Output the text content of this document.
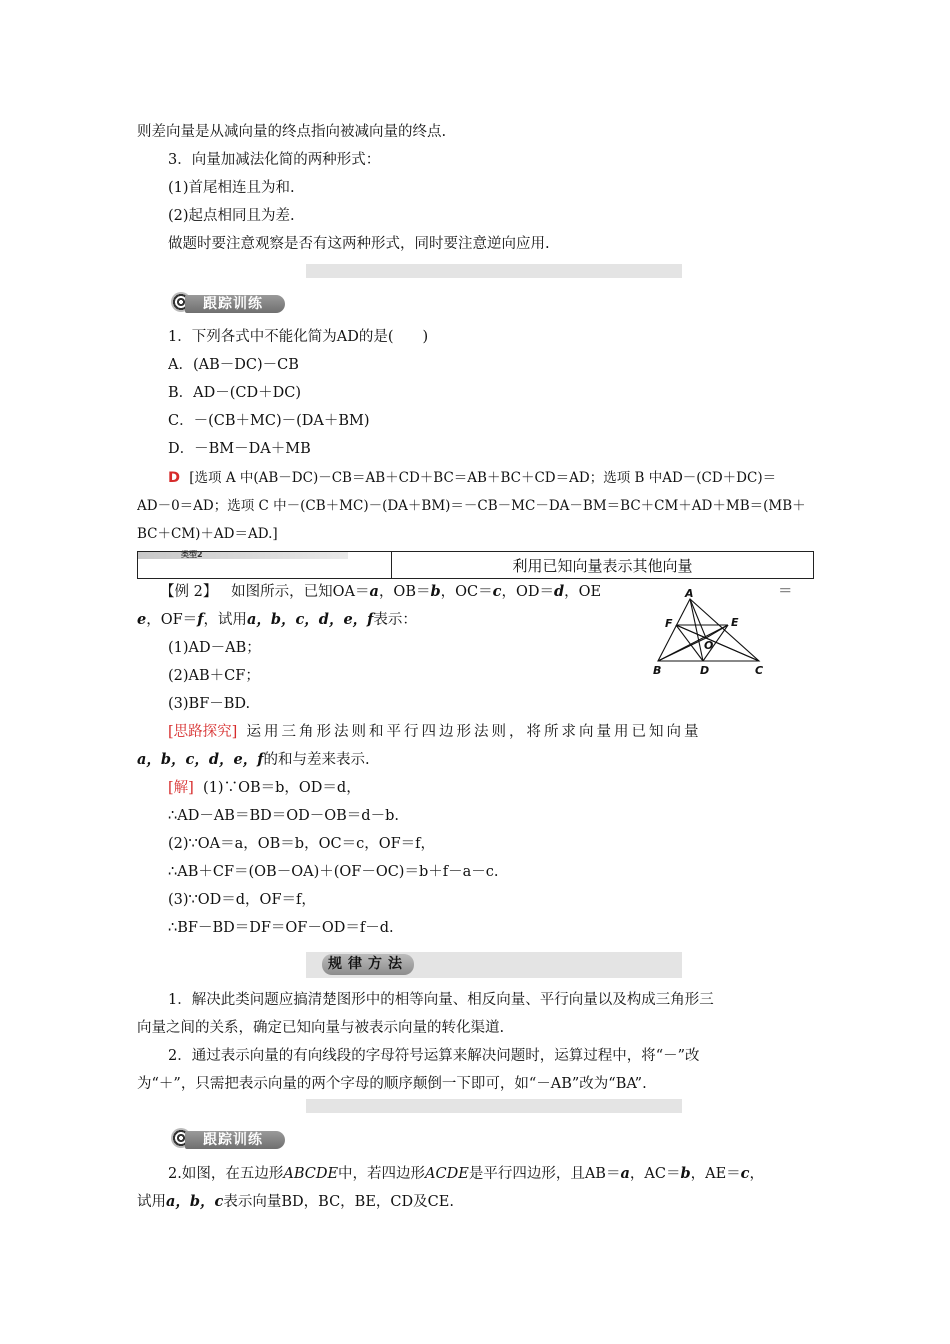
则差向量是从减向量的终点指向被减向量的终点.
3．向量加减法化简的两种形式：
(1)首尾相连且为和.
(2)起点相同且为差.
做题时要注意观察是否有这两种形式，同时要注意逆向应用.
跟踪训练
1．下列各式中不能化简为AD的是(　　)
A．(AB－DC)－CB
B．AD－(CD＋DC)
C．－(CB＋MC)－(DA＋BM)
D．－BM－DA＋MB
D [选项 A 中(AB－DC)－CB＝AB＋CD＋BC＝AB＋BC＋CD＝AD；选项 B 中AD－(CD＋DC)＝
AD－0＝AD；选项 C 中－(CB＋MC)－(DA＋BM)＝－CB－MC－DA－BM＝BC＋CM＋AD＋MB＝(MB＋
BC＋CM)＋AD＝AD.]
类型2
利用已知向量表示其他向量
【例 2】 如图所示，已知OA＝a，OB＝b，OC＝c，OD＝d，OE	＝
e，OF＝f，试用a，b，c，d，e，f表示：
(1)AD－AB；
(2)AB＋CF；
(3)BF－BD.
A
F	E
O
B	D	C
[思路探究] 运用三角形法则和平行四边形法则，将所求向量用已知向量
a，b，c，d，e，f的和与差来表示.
[解] (1)∵OB＝b，OD＝d，
∴AD－AB＝BD＝OD－OB＝d－b.
(2)∵OA＝a，OB＝b，OC＝c，OF＝f，
∴AB＋CF＝(OB－OA)＋(OF－OC)＝b＋f－a－c.
(3)∵OD＝d，OF＝f，
∴BF－BD＝DF＝OF－OD＝f－d.
规律方法
1．解决此类问题应搞清楚图形中的相等向量、相反向量、平行向量以及构成三角形三
向量之间的关系，确定已知向量与被表示向量的转化渠道.
2．通过表示向量的有向线段的字母符号运算来解决问题时，运算过程中，将“－”改
为“＋”，只需把表示向量的两个字母的顺序颠倒一下即可，如“－AB”改为“BA”.
跟踪训练
2.如图，在五边形ABCDE中，若四边形ACDE是平行四边形，且AB＝a，AC＝b，AE＝c，
试用a，b，c表示向量BD，BC，BE，CD及CE.
